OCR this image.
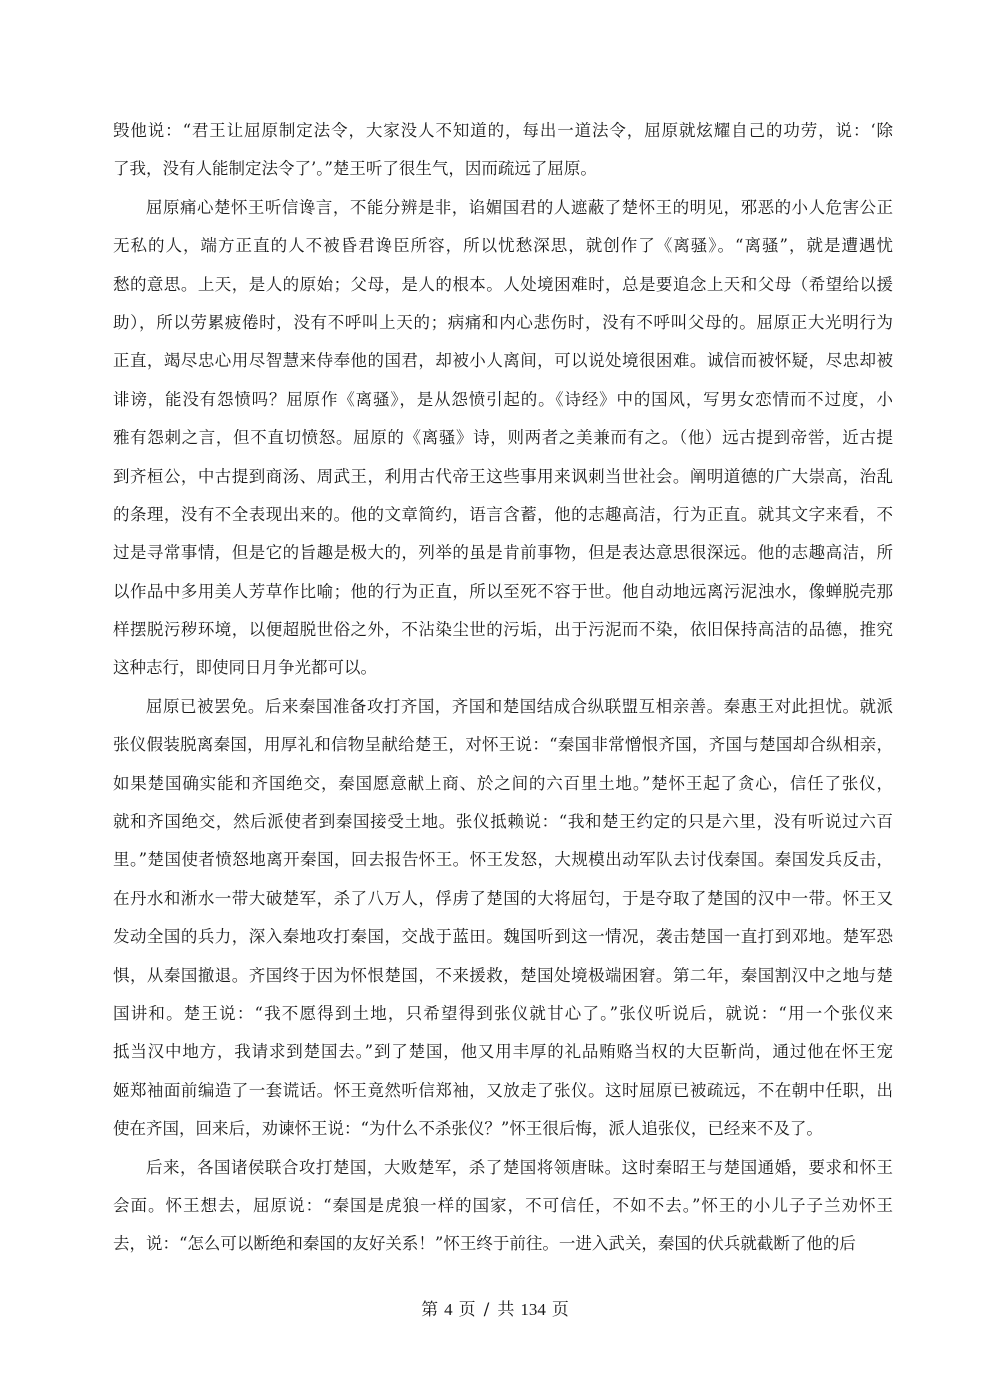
毁他说：“君王让屈原制定法令，大家没人不知道的，每出一道法令，屈原就炫耀自己的功劳，说：‘除
了我，没有人能制定法令了’。”楚王听了很生气，因而疏远了屈原。
屈原痛心楚怀王听信谗言，不能分辨是非，谄媚国君的人遮蔽了楚怀王的明见，邪恶的小人危害公正
无私的人，端方正直的人不被昏君谗臣所容，所以忧愁深思，就创作了《离骚》。“离骚”，就是遭遇忧
愁的意思。上天，是人的原始；父母，是人的根本。人处境困难时，总是要追念上天和父母（希望给以援
助），所以劳累疲倦时，没有不呼叫上天的；病痛和内心悲伤时，没有不呼叫父母的。屈原正大光明行为
正直，竭尽忠心用尽智慧来侍奉他的国君，却被小人离间，可以说处境很困难。诚信而被怀疑，尽忠却被
诽谤，能没有怨愤吗？屈原作《离骚》，是从怨愤引起的。《诗经》中的国风，写男女恋情而不过度，小
雅有怨刺之言，但不直切愤怒。屈原的《离骚》诗，则两者之美兼而有之。（他）远古提到帝喾，近古提
到齐桓公，中古提到商汤、周武王，利用古代帝王这些事用来讽刺当世社会。阐明道德的广大崇高，治乱
的条理，没有不全表现出来的。他的文章简约，语言含蓄，他的志趣高洁，行为正直。就其文字来看，不
过是寻常事情，但是它的旨趣是极大的，列举的虽是肯前事物，但是表达意思很深远。他的志趣高洁，所
以作品中多用美人芳草作比喻；他的行为正直，所以至死不容于世。他自动地远离污泥浊水，像蝉脱壳那
样摆脱污秽环境，以便超脱世俗之外，不沾染尘世的污垢，出于污泥而不染，依旧保持高洁的品德，推究
这种志行，即使同日月争光都可以。
屈原已被罢免。后来秦国准备攻打齐国，齐国和楚国结成合纵联盟互相亲善。秦惠王对此担忧。就派
张仪假装脱离秦国，用厚礼和信物呈献给楚王，对怀王说：“秦国非常憎恨齐国，齐国与楚国却合纵相亲，
如果楚国确实能和齐国绝交，秦国愿意献上商、於之间的六百里土地。”楚怀王起了贪心，信任了张仪，
就和齐国绝交，然后派使者到秦国接受土地。张仪抵赖说：“我和楚王约定的只是六里，没有听说过六百
里。”楚国使者愤怒地离开秦国，回去报告怀王。怀王发怒，大规模出动军队去讨伐秦国。秦国发兵反击，
在丹水和淅水一带大破楚军，杀了八万人，俘虏了楚国的大将屈匄，于是夺取了楚国的汉中一带。怀王又
发动全国的兵力，深入秦地攻打秦国，交战于蓝田。魏国听到这一情况，袭击楚国一直打到邓地。楚军恐
惧，从秦国撤退。齐国终于因为怀恨楚国，不来援救，楚国处境极端困窘。第二年，秦国割汉中之地与楚
国讲和。楚王说：“我不愿得到土地，只希望得到张仪就甘心了。”张仪听说后，就说：“用一个张仪来
抵当汉中地方，我请求到楚国去。”到了楚国，他又用丰厚的礼品贿赂当权的大臣靳尚，通过他在怀王宠
姬郑袖面前编造了一套谎话。怀王竟然听信郑袖，又放走了张仪。这时屈原已被疏远，不在朝中任职，出
使在齐国，回来后，劝谏怀王说：“为什么不杀张仪？”怀王很后悔，派人追张仪，已经来不及了。
后来，各国诸侯联合攻打楚国，大败楚军，杀了楚国将领唐昧。这时秦昭王与楚国通婚，要求和怀王
会面。怀王想去，屈原说：“秦国是虎狼一样的国家，不可信任，不如不去。”怀王的小儿子子兰劝怀王
去，说：“怎么可以断绝和秦国的友好关系！”怀王终于前往。一进入武关，秦国的伏兵就截断了他的后
第 4 页 / 共 134 页
